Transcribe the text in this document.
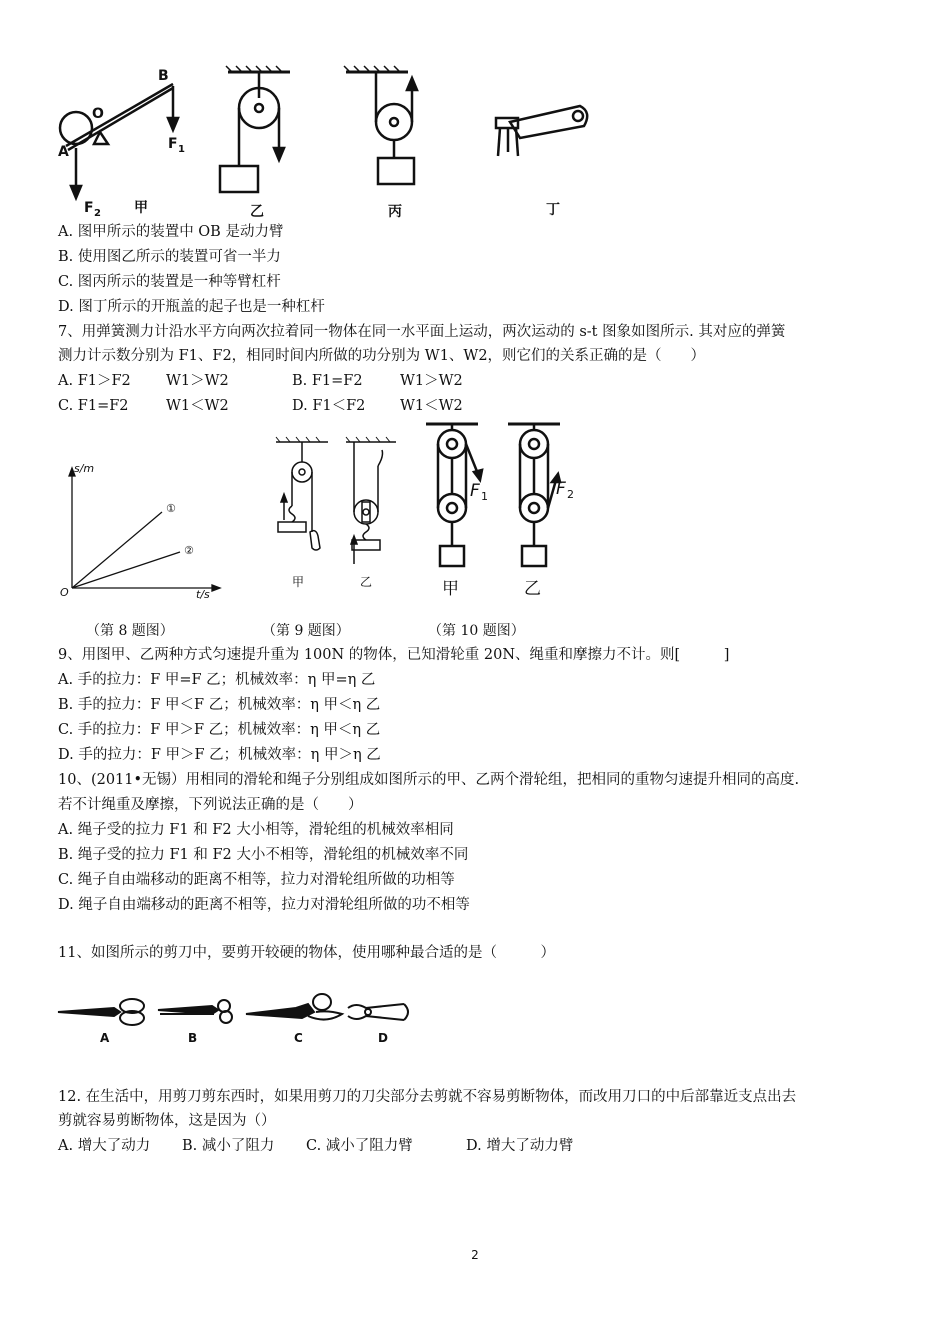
B
O
A	F 1
F 2 甲	乙	丙	丁
A. 图甲所示的装置中 OB 是动力臂
B. 使用图乙所示的装置可省一半力
C. 图丙所示的装置是一种等臂杠杆
D. 图丁所示的开瓶盖的起子也是一种杠杆
7、用弹簧测力计沿水平方向两次拉着同一物体在同一水平面上运动，两次运动的 s-t 图象如图所示. 其对应的弹簧
测力计示数分别为 F1、F2，相同时间内所做的功分别为 W1、W2，则它们的关系正确的是（　　）
A. F1＞F2 W1＞W2	B. F1=F2	W1＞W2
C. F1=F2	W1＜W2	D. F1＜F2 W1＜W2
s/m
t/s
O
①
②
甲	乙
F 1	F 2
甲	乙
（第 8 题图）	（第 9 题图）	（第 10 题图）
9、用图甲、乙两种方式匀速提升重为 100N 的物体，已知滑轮重 20N、绳重和摩擦力不计。则[　　　]
A. 手的拉力：F 甲=F 乙；机械效率：η 甲=η 乙
B. 手的拉力：F 甲＜F 乙；机械效率：η 甲＜η 乙
C. 手的拉力：F 甲＞F 乙；机械效率：η 甲＜η 乙
D. 手的拉力：F 甲＞F 乙；机械效率：η 甲＞η 乙
10、(2011•无锡）用相同的滑轮和绳子分别组成如图所示的甲、乙两个滑轮组，把相同的重物匀速提升相同的高度.
若不计绳重及摩擦，下列说法正确的是（　　）
A. 绳子受的拉力 F1 和 F2 大小相等，滑轮组的机械效率相同
B. 绳子受的拉力 F1 和 F2 大小不相等，滑轮组的机械效率不同
C. 绳子自由端移动的距离不相等，拉力对滑轮组所做的功相等
D. 绳子自由端移动的距离不相等，拉力对滑轮组所做的功不相等
11、如图所示的剪刀中，要剪开较硬的物体，使用哪种最合适的是（　　　）
A	B	C	D
12. 在生活中，用剪刀剪东西时，如果用剪刀的刀尖部分去剪就不容易剪断物体，而改用刀口的中后部靠近支点出去
剪就容易剪断物体，这是因为（）
A. 增大了动力 B. 减小了阻力 C. 减小了阻力臂	D. 增大了动力臂
2
